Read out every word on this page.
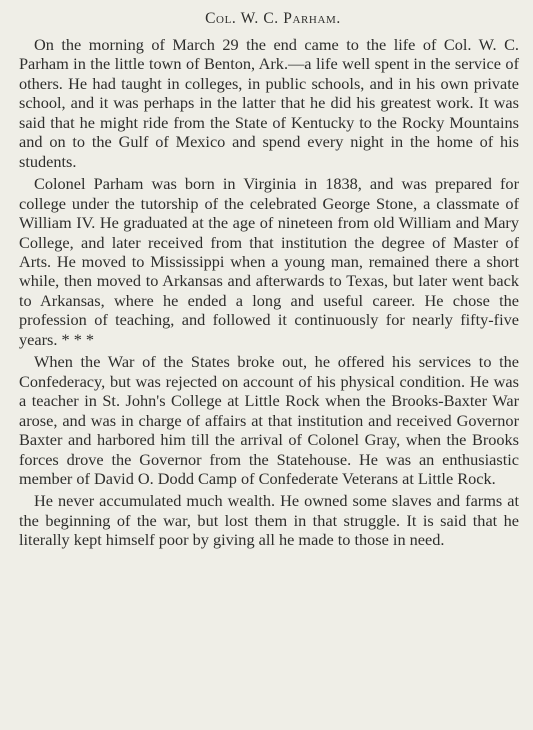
Col. W. C. Parham.

On the morning of March 29 the end came to the life of Col. W. C. Parham in the little town of Benton, Ark.—a life well spent in the service of others. He had taught in colleges, in public schools, and in his own private school, and it was perhaps in the latter that he did his greatest work. It was said that he might ride from the State of Kentucky to the Rocky Mountains and on to the Gulf of Mexico and spend every night in the home of his students.

Colonel Parham was born in Virginia in 1838, and was prepared for college under the tutorship of the celebrated George Stone, a classmate of William IV. He graduated at the age of nineteen from old William and Mary College, and later received from that institution the degree of Master of Arts. He moved to Mississippi when a young man, remained there a short while, then moved to Arkansas and afterwards to Texas, but later went back to Arkansas, where he ended a long and useful career. He chose the profession of teaching, and followed it continuously for nearly fifty-five years. * * *

When the War of the States broke out, he offered his services to the Confederacy, but was rejected on account of his physical condition. He was a teacher in St. John's College at Little Rock when the Brooks-Baxter War arose, and was in charge of affairs at that institution and received Governor Baxter and harbored him till the arrival of Colonel Gray, when the Brooks forces drove the Governor from the Statehouse. He was an enthusiastic member of David O. Dodd Camp of Confederate Veterans at Little Rock.

He never accumulated much wealth. He owned some slaves and farms at the beginning of the war, but lost them in that struggle. It is said that he literally kept himself poor by giving all he made to those in need.
